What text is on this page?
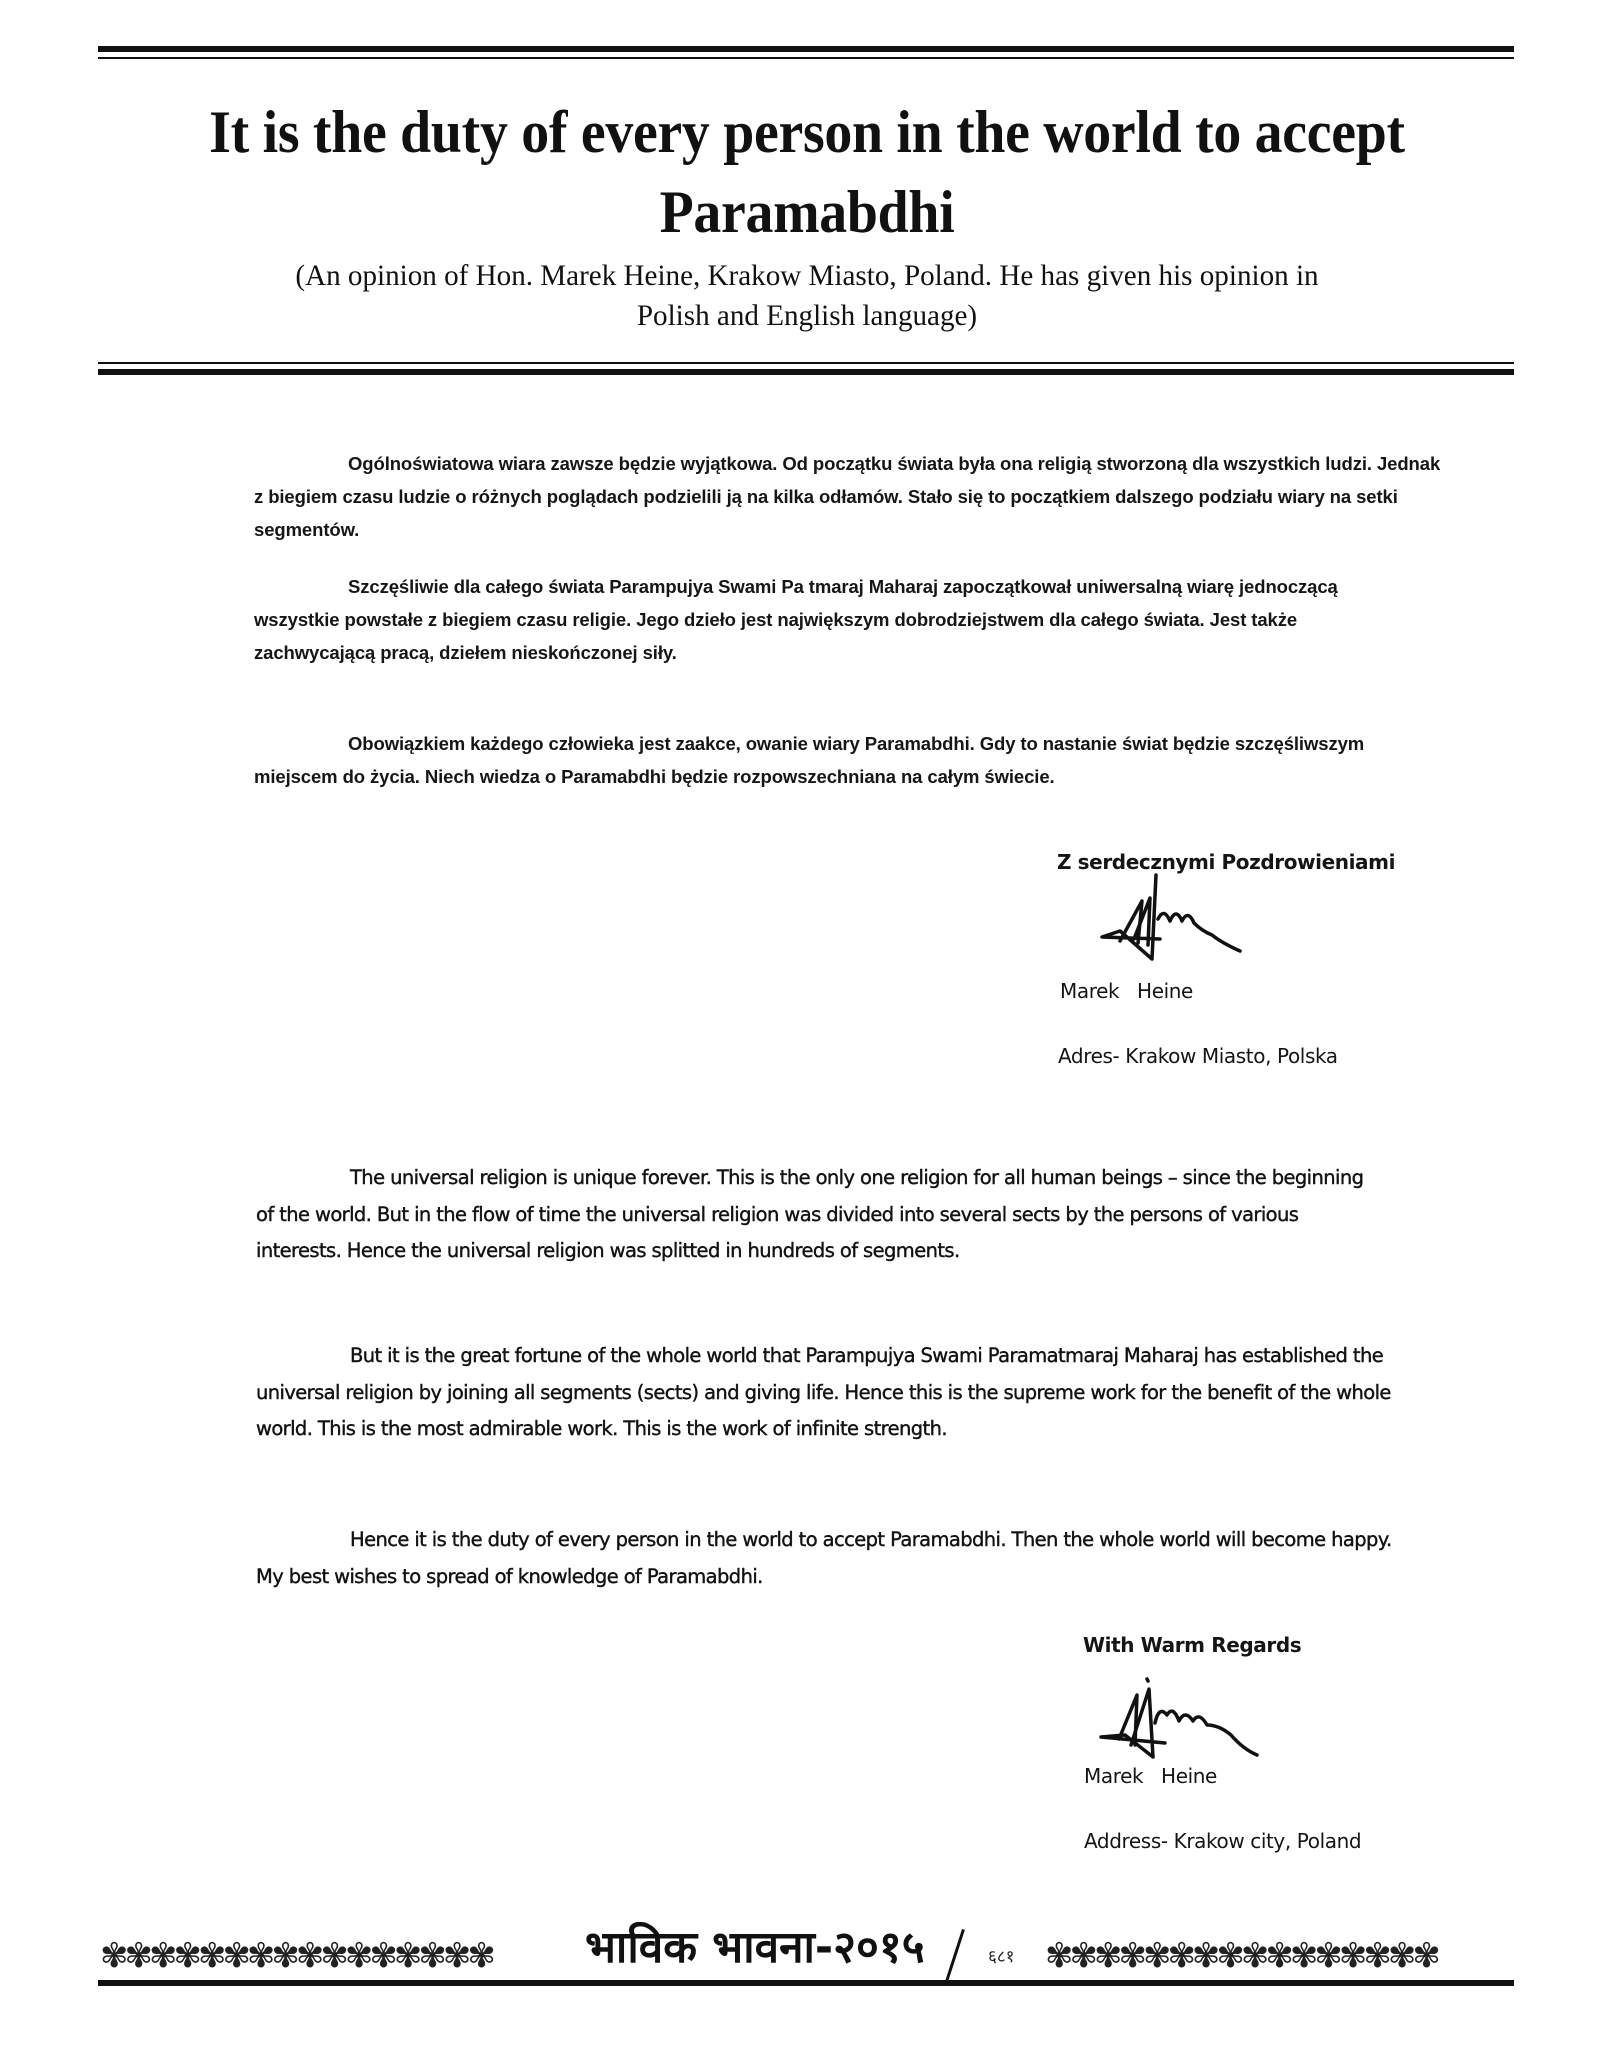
It is the duty of every person in the world to accept
Paramabdhi

(An opinion of Hon. Marek Heine, Krakow Miasto, Poland. He has given his opinion in
Polish and English language)

Ogólnoświatowa wiara zawsze będzie wyjątkowa. Od początku świata była ona religią stworzoną dla wszystkich ludzi. Jednak z biegiem czasu ludzie o różnych poglądach podzielili ją na kilka odłamów. Stało się to początkiem dalszego podziału wiary na setki segmentów.

Szczęśliwie dla całego świata Parampujya Swami Pa tmaraj Maharaj zapoczątkował uniwersalną wiarę jednoczącą wszystkie powstałe z biegiem czasu religie. Jego dzieło jest największym dobrodziejstwem dla całego świata. Jest także zachwycającą pracą, dziełem nieskończonej siły.

Obowiązkiem każdego człowieka jest zaakce, owanie wiary Paramabdhi. Gdy to nastanie świat będzie szczęśliwszym miejscem do życia. Niech wiedza o Paramabdhi będzie rozpowszechniana na całym świecie.

Z serdecznymi Pozdrowieniami
Marek   Heine
Adres- Krakow Miasto, Polska

The universal religion is unique forever. This is the only one religion for all human beings – since the beginning of the world. But in the flow of time the universal religion was divided into several sects by the persons of various interests. Hence the universal religion was splitted in hundreds of segments.

But it is the great fortune of the whole world that Parampujya Swami Paramatmaraj Maharaj has established the universal religion by joining all segments (sects) and giving life. Hence this is the supreme work for the benefit of the whole world. This is the most admirable work. This is the work of infinite strength.

Hence it is the duty of every person in the world to accept Paramabdhi. Then the whole world will become happy. My best wishes to spread of knowledge of Paramabdhi.

With Warm Regards
Marek   Heine
Address- Krakow city, Poland
✾✾✾✾✾✾✾✾✾✾✾✾✾✾✾✾	भाविक भावना-२०१५	६८१ ✾✾✾✾✾✾✾✾✾✾✾✾✾✾✾✾
